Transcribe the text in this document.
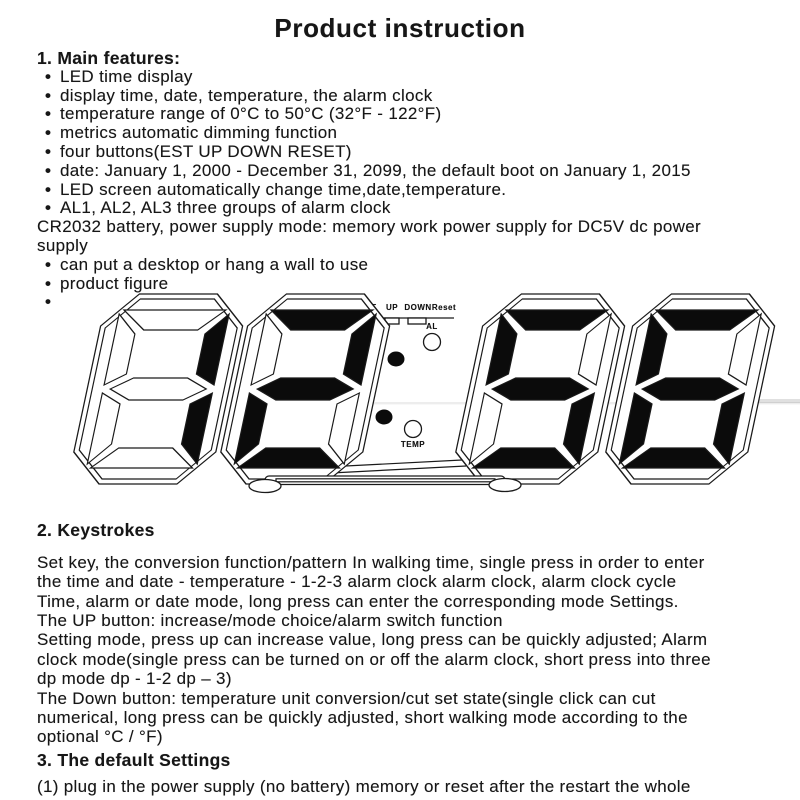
Product instruction
1. Main features:
• LED time display
• display time, date, temperature, the alarm clock
• temperature range of 0°C to 50°C (32°F - 122°F)
• metrics automatic dimming function
• four buttons(EST UP DOWN RESET)
• date: January 1, 2000 - December 31, 2099, the default boot on January 1, 2015
• LED screen automatically change time,date,temperature.
• AL1, AL2, AL3 three groups of alarm clock
CR2032 battery, power supply mode: memory work power supply for DC5V dc power
supply
• can put a desktop or hang a wall to use
• product figure
•	UP DOWN Reset
AL
TEMP
2. Keystrokes
Set key, the conversion function/pattern In walking time, single press in order to enter
the time and date - temperature - 1-2-3 alarm clock alarm clock, alarm clock cycle
Time, alarm or date mode, long press can enter the corresponding mode Settings.
The UP button: increase/mode choice/alarm switch function
Setting mode, press up can increase value, long press can be quickly adjusted; Alarm
clock mode(single press can be turned on or off the alarm clock, short press into three
dp mode dp - 1-2 dp – 3)
The Down button: temperature unit conversion/cut set state(single click can cut
numerical, long press can be quickly adjusted, short walking mode according to the
optional °C / °F)
3. The default Settings
(1) plug in the power supply (no battery) memory or reset after the restart the whole
